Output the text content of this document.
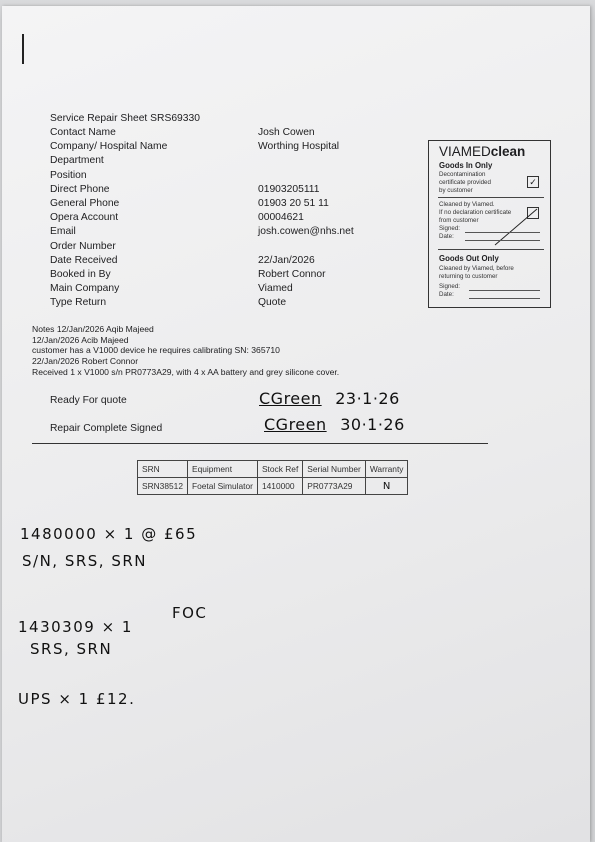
Service Repair Sheet SRS69330
Contact Name	Josh Cowen
Company/ Hospital Name	Worthing Hospital
Department
Position
Direct Phone	01903205111
General Phone	01903 20 51 11
Opera Account	00004621
Email	josh.cowen@nhs.net
Order Number
Date Received	22/Jan/2026
Booked in By	Robert Connor
Main Company	Viamed
Type Return	Quote
VIAMEDclean
Goods In Only
Decontamination
certificate provided
by customer
✓
Cleaned by Viamed.
If no declaration certificate
from customer
Signed:
Date:
Goods Out Only
Cleaned by Viamed, before
returning to customer
Signed:
Date:
Notes 12/Jan/2026 Aqib Majeed
12/Jan/2026 Acib Majeed
customer has a V1000 device he requires calibrating SN: 365710
22/Jan/2026 Robert Connor
Received 1 x V1000 s/n PR0773A29, with 4 x AA battery and grey silicone cover.
Ready For quote	CGreen 23·1·26
Repair Complete Signed	CGreen 30·1·26
SRN	Equipment	Stock Ref	Serial Number	Warranty
SRN38512	Foetal Simulator	1410000	PR0773A29	N
1480000 × 1 @ £65
S/N, SRS, SRN
1430309 × 1
FOC
SRS, SRN
UPS × 1 £12.
